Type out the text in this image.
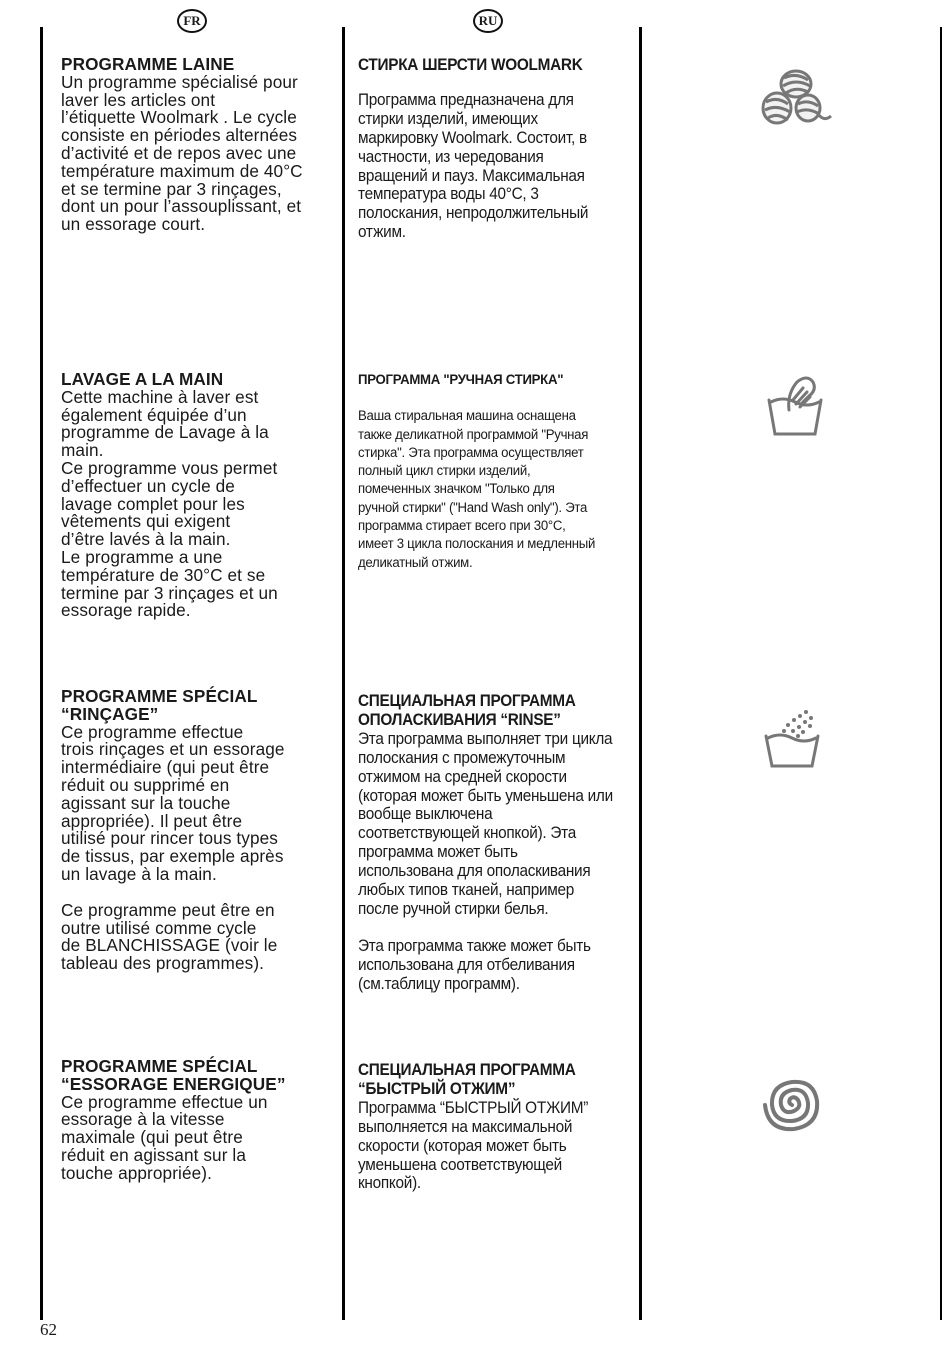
FR	RU
PROGRAMME LAINE
Un programme spécialisé pour
laver les articles ont
l’étiquette Woolmark . Le cycle
consiste en périodes alternées
d’activité et de repos avec une
température maximum de 40°C
et se termine par 3 rinçages,
dont un pour l’assouplissant, et
un essorage court.
СТИРКА ШЕРСТИ WOOLMARK
Программа предназначена для
стирки изделий, имеющих
маркировку Woolmark. Состоит, в
частности, из чередования
вращений и пауз. Максимальная
температура воды 40°С, 3
полоскания, непродолжительный
отжим.
LAVAGE A LA MAIN
Cette machine à laver est
également équipée d’un
programme de Lavage à la
main.
Ce programme vous permet
d’effectuer un cycle de
lavage complet pour les
vêtements qui exigent
d’être lavés à la main.
Le programme a une
température de 30°C et se
termine par 3 rinçages et un
essorage rapide.
ПРОГРАММА "РУЧНАЯ СТИРКА"
Ваша стиральная машина оснащена
также деликатной программой "Ручная
стирка". Эта программа осуществляет
полный цикл стирки изделий,
помеченных значком "Только для
ручной стирки" ("Hand Wash only"). Эта
программа стирает всего при 30°С,
имеет 3 цикла полоскания и медленный
деликатный отжим.
PROGRAMME SPÉCIAL
“RINÇAGE”
Ce programme effectue
trois rinçages et un essorage
intermédiaire (qui peut être
réduit ou supprimé en
agissant sur la touche
appropriée). Il peut être
utilisé pour rincer tous types
de tissus, par exemple après
un lavage à la main.
Ce programme peut être en
outre utilisé comme cycle
de BLANCHISSAGE (voir le
tableau des programmes).
СПЕЦИАЛЬНАЯ ПРОГРАММА
ОПОЛАСКИВАНИЯ “RINSE”
Эта программа выполняет три цикла
полоскания с промежуточным
отжимом на средней скорости
(которая может быть уменьшена или
вообще выключена
соответствующей кнопкой). Эта
программа может быть
использована для ополаскивания
любых типов тканей, например
после ручной стирки белья.
Эта программа также может быть
использована для отбеливания
(см.таблицу программ).
PROGRAMME SPÉCIAL
“ESSORAGE ENERGIQUE”
Ce programme effectue un
essorage à la vitesse
maximale (qui peut être
réduit en agissant sur la
touche appropriée).
СПЕЦИАЛЬНАЯ ПРОГРАММА
“БЫСТРЫЙ ОТЖИМ”
Программа “БЫСТРЫЙ ОТЖИМ”
выполняется на максимальной
скорости (которая может быть
уменьшена соответствующей
кнопкой).
62
